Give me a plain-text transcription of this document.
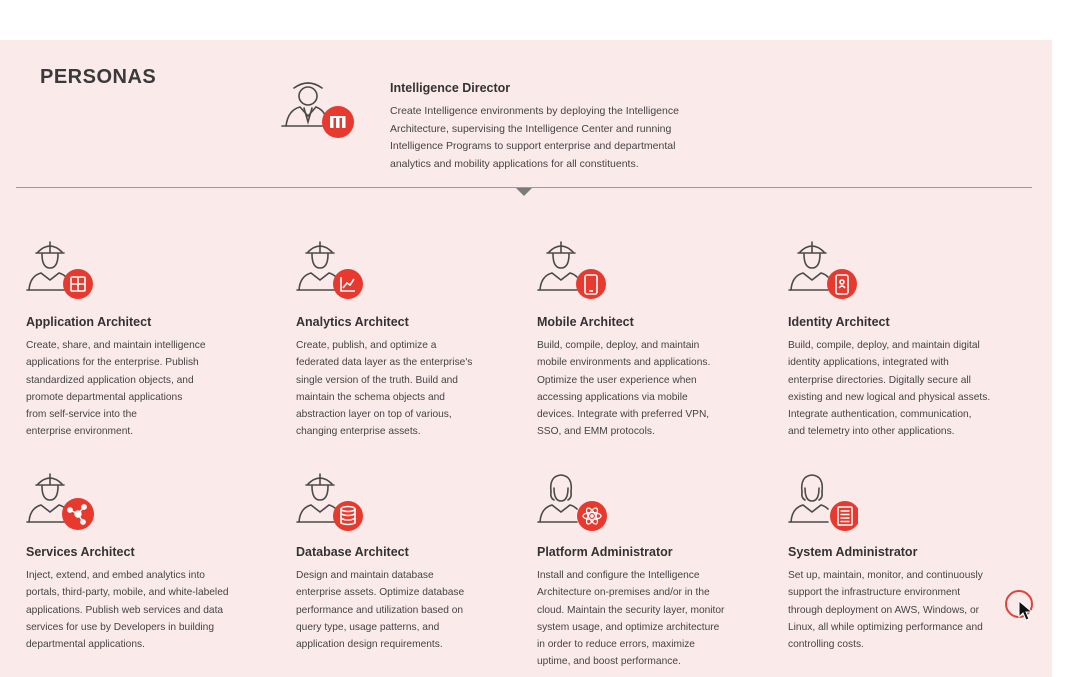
PERSONAS	Intelligence Director
Create Intelligence environments by deploying the Intelligence
Architecture, supervising the Intelligence Center and running
Intelligence Programs to support enterprise and departmental
analytics and mobility applications for all constituents.
Application Architect
Create, share, and maintain intelligence
applications for the enterprise. Publish
standardized application objects, and
promote departmental applications
from self-service into the
enterprise environment.
Analytics Architect
Create, publish, and optimize a
federated data layer as the enterprise's
single version of the truth. Build and
maintain the schema objects and
abstraction layer on top of various,
changing enterprise assets.
Mobile Architect
Build, compile, deploy, and maintain
mobile environments and applications.
Optimize the user experience when
accessing applications via mobile
devices. Integrate with preferred VPN,
SSO, and EMM protocols.
Identity Architect
Build, compile, deploy, and maintain digital
identity applications, integrated with
enterprise directories. Digitally secure all
existing and new logical and physical assets.
Integrate authentication, communication,
and telemetry into other applications.
Services Architect
Inject, extend, and embed analytics into
portals, third-party, mobile, and white-labeled
applications. Publish web services and data
services for use by Developers in building
departmental applications.
Database Architect
Design and maintain database
enterprise assets. Optimize database
performance and utilization based on
query type, usage patterns, and
application design requirements.
Platform Administrator
Install and configure the Intelligence
Architecture on-premises and/or in the
cloud. Maintain the security layer, monitor
system usage, and optimize architecture
in order to reduce errors, maximize
uptime, and boost performance.
System Administrator
Set up, maintain, monitor, and continuously
support the infrastructure environment
through deployment on AWS, Windows, or
Linux, all while optimizing performance and
controlling costs.
